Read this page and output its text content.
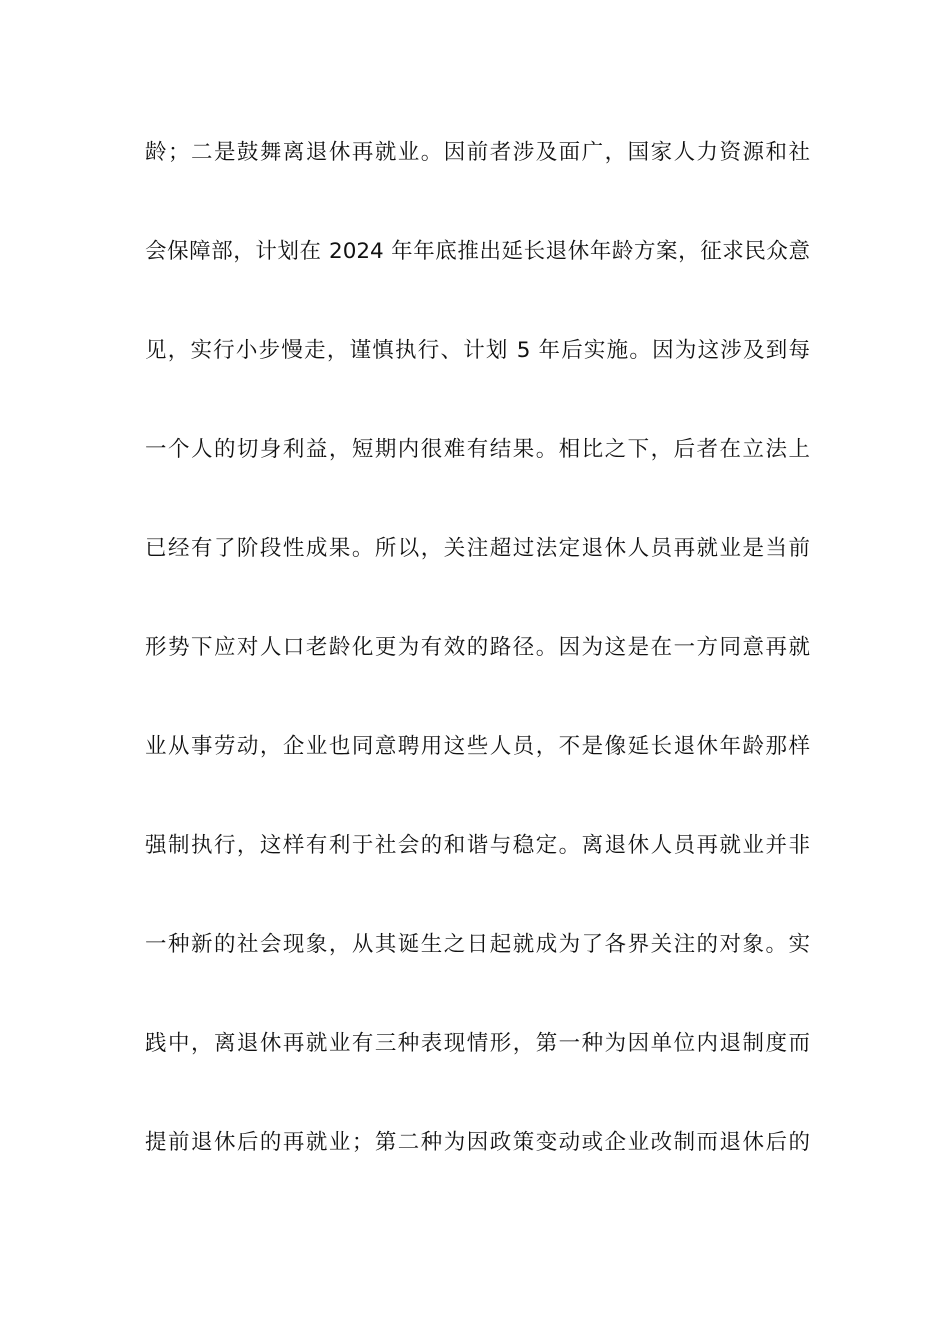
龄；二是鼓舞离退休再就业。因前者涉及面广，国家人力资源和社
会保障部，计划在 2024 年年底推出延长退休年龄方案，征求民众意
见，实行小步慢走，谨慎执行、计划 5 年后实施。因为这涉及到每
一个人的切身利益，短期内很难有结果。相比之下，后者在立法上
已经有了阶段性成果。所以，关注超过法定退休人员再就业是当前
形势下应对人口老龄化更为有效的路径。因为这是在一方同意再就
业从事劳动，企业也同意聘用这些人员，不是像延长退休年龄那样
强制执行，这样有利于社会的和谐与稳定。离退休人员再就业并非
一种新的社会现象，从其诞生之日起就成为了各界关注的对象。实
践中，离退休再就业有三种表现情形，第一种为因单位内退制度而
提前退休后的再就业；第二种为因政策变动或企业改制而退休后的
